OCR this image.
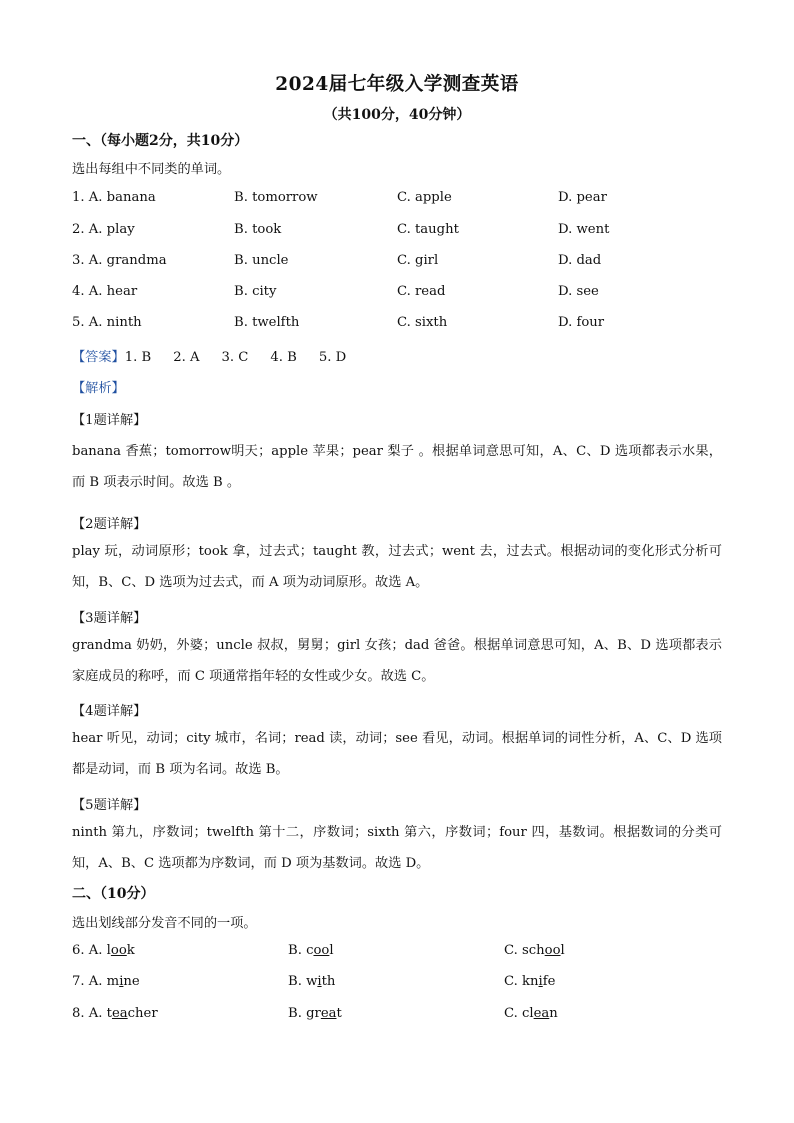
2024届七年级入学测查英语
（共100分，40分钟）
一、（每小题2分，共10分）
选出每组中不同类的单词。
1. A. banana	B. tomorrow	C. apple	D. pear
2. A. play	B. took	C. taught	D. went
3. A. grandma	B. uncle	C. girl	D. dad
4. A. hear	B. city	C. read	D. see
5. A. ninth	B. twelfth	C. sixth	D. four
【答案】1. B 2. A 3. C 4. B 5. D
【解析】
【1题详解】
banana 香蕉；tomorrow明天；apple 苹果；pear 梨子 。根据单词意思可知，A、C、D 选项都表示水果，而 B 项表示时间。故选 B 。
【2题详解】
play 玩，动词原形；took 拿，过去式；taught 教，过去式；went 去，过去式。根据动词的变化形式分析可知，B、C、D 选项为过去式，而 A 项为动词原形。故选 A。
【3题详解】
grandma 奶奶，外婆；uncle 叔叔，舅舅；girl 女孩；dad 爸爸。根据单词意思可知，A、B、D 选项都表示家庭成员的称呼，而 C 项通常指年轻的女性或少女。故选 C。
【4题详解】
hear 听见，动词；city 城市，名词；read 读，动词；see 看见，动词。根据单词的词性分析，A、C、D 选项都是动词，而 B 项为名词。故选 B。
【5题详解】
ninth 第九，序数词；twelfth 第十二，序数词；sixth 第六，序数词；four 四，基数词。根据数词的分类可知，A、B、C 选项都为序数词，而 D 项为基数词。故选 D。
二、（10分）
选出划线部分发音不同的一项。
6. A. look	B. cool	C. school
7. A. mine	B. with	C. knife
8. A. teacher	B. great	C. clean
